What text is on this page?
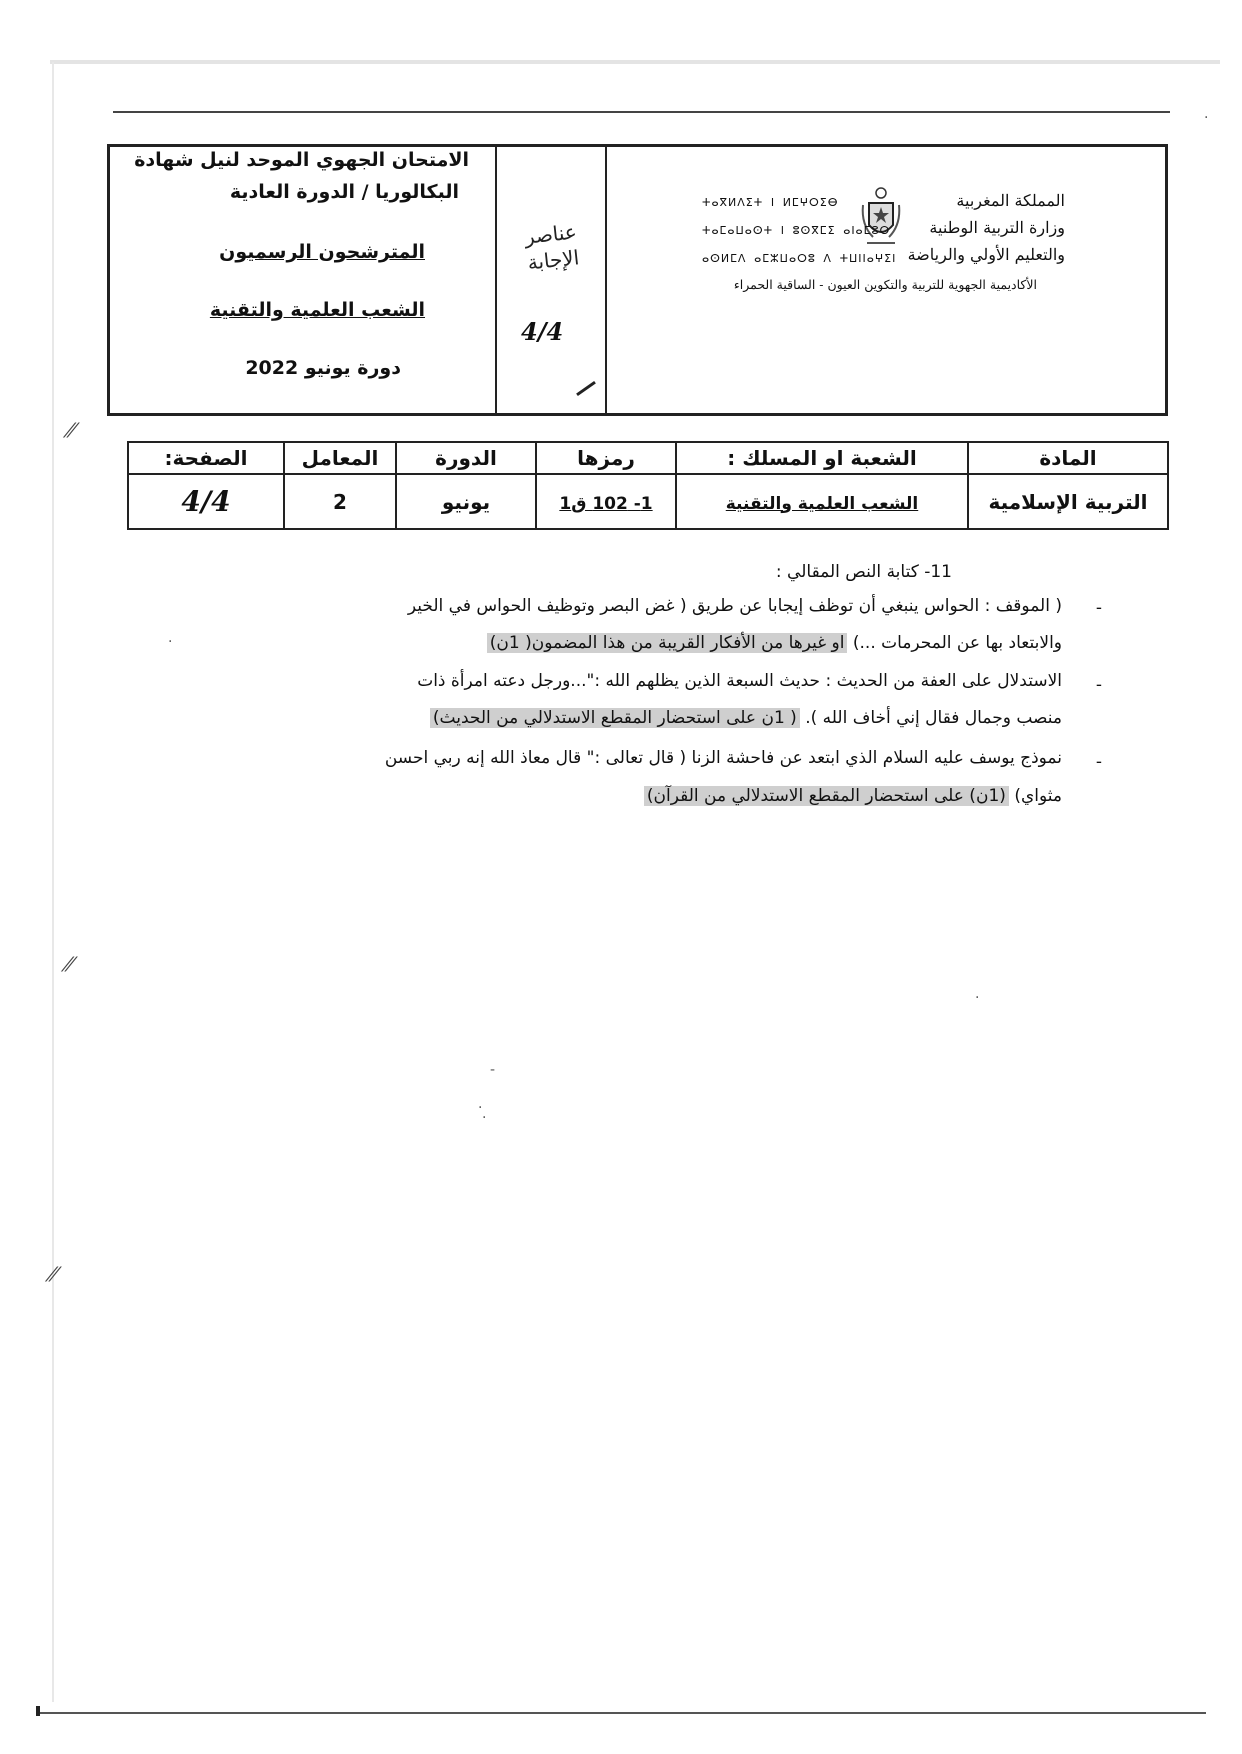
الامتحان الجهوي الموحد لنيل شهادة
البكالوريا / الدورة العادية
المترشحون الرسميون
الشعب العلمية والتقنية
دورة يونيو 2022
عناصر الإجابة
4/4
المملكة المغربية
وزارة التربية الوطنية
والتعليم الأولي والرياضة
ⵜⴰⴳⵍⴷⵉⵜ ⵏ ⵍⵎⵖⵔⵉⴱ
ⵜⴰⵎⴰⵡⴰⵙⵜ ⵏ ⵓⵙⴳⵎⵉ ⴰⵏⴰⵎⵓⵔ
ⴰⵙⵍⵎⴷ ⴰⵎⵣⵡⴰⵔⵓ ⴷ ⵜⵡⵏⵏⴰⵖⵉⵏ
الأكاديمية الجهوية للتربية والتكوين العيون - الساقية الحمراء
المادة	الشعبة او المسلك :	رمزها	الدورة	المعامل	الصفحة:
التربية الإسلامية	الشعب العلمية والتقنية	1- 102 ق1	يونيو	2	4/4
⁄⁄
⁄⁄
⁄⁄
11- كتابة النص المقالي :
-
( الموقف : الحواس ينبغي أن توظف إيجابا عن طريق ( غض البصر وتوظيف الحواس في الخير
والابتعاد بها عن المحرمات ...) او غيرها من الأفكار القريبة من هذا المضمون( 1ن)
-
الاستدلال على العفة من الحديث : حديث السبعة الذين يظلهم الله :"...ورجل دعته امرأة ذات
منصب وجمال فقال إني أخاف الله ). ( 1ن على استحضار المقطع الاستدلالي من الحديث)
-
نموذج يوسف عليه السلام الذي ابتعد عن فاحشة الزنا ( قال تعالى :" قال معاذ الله إنه ربي احسن
مثواي) (1ن) على استحضار المقطع الاستدلالي من القرآن)
-
·
·
·
·
·
